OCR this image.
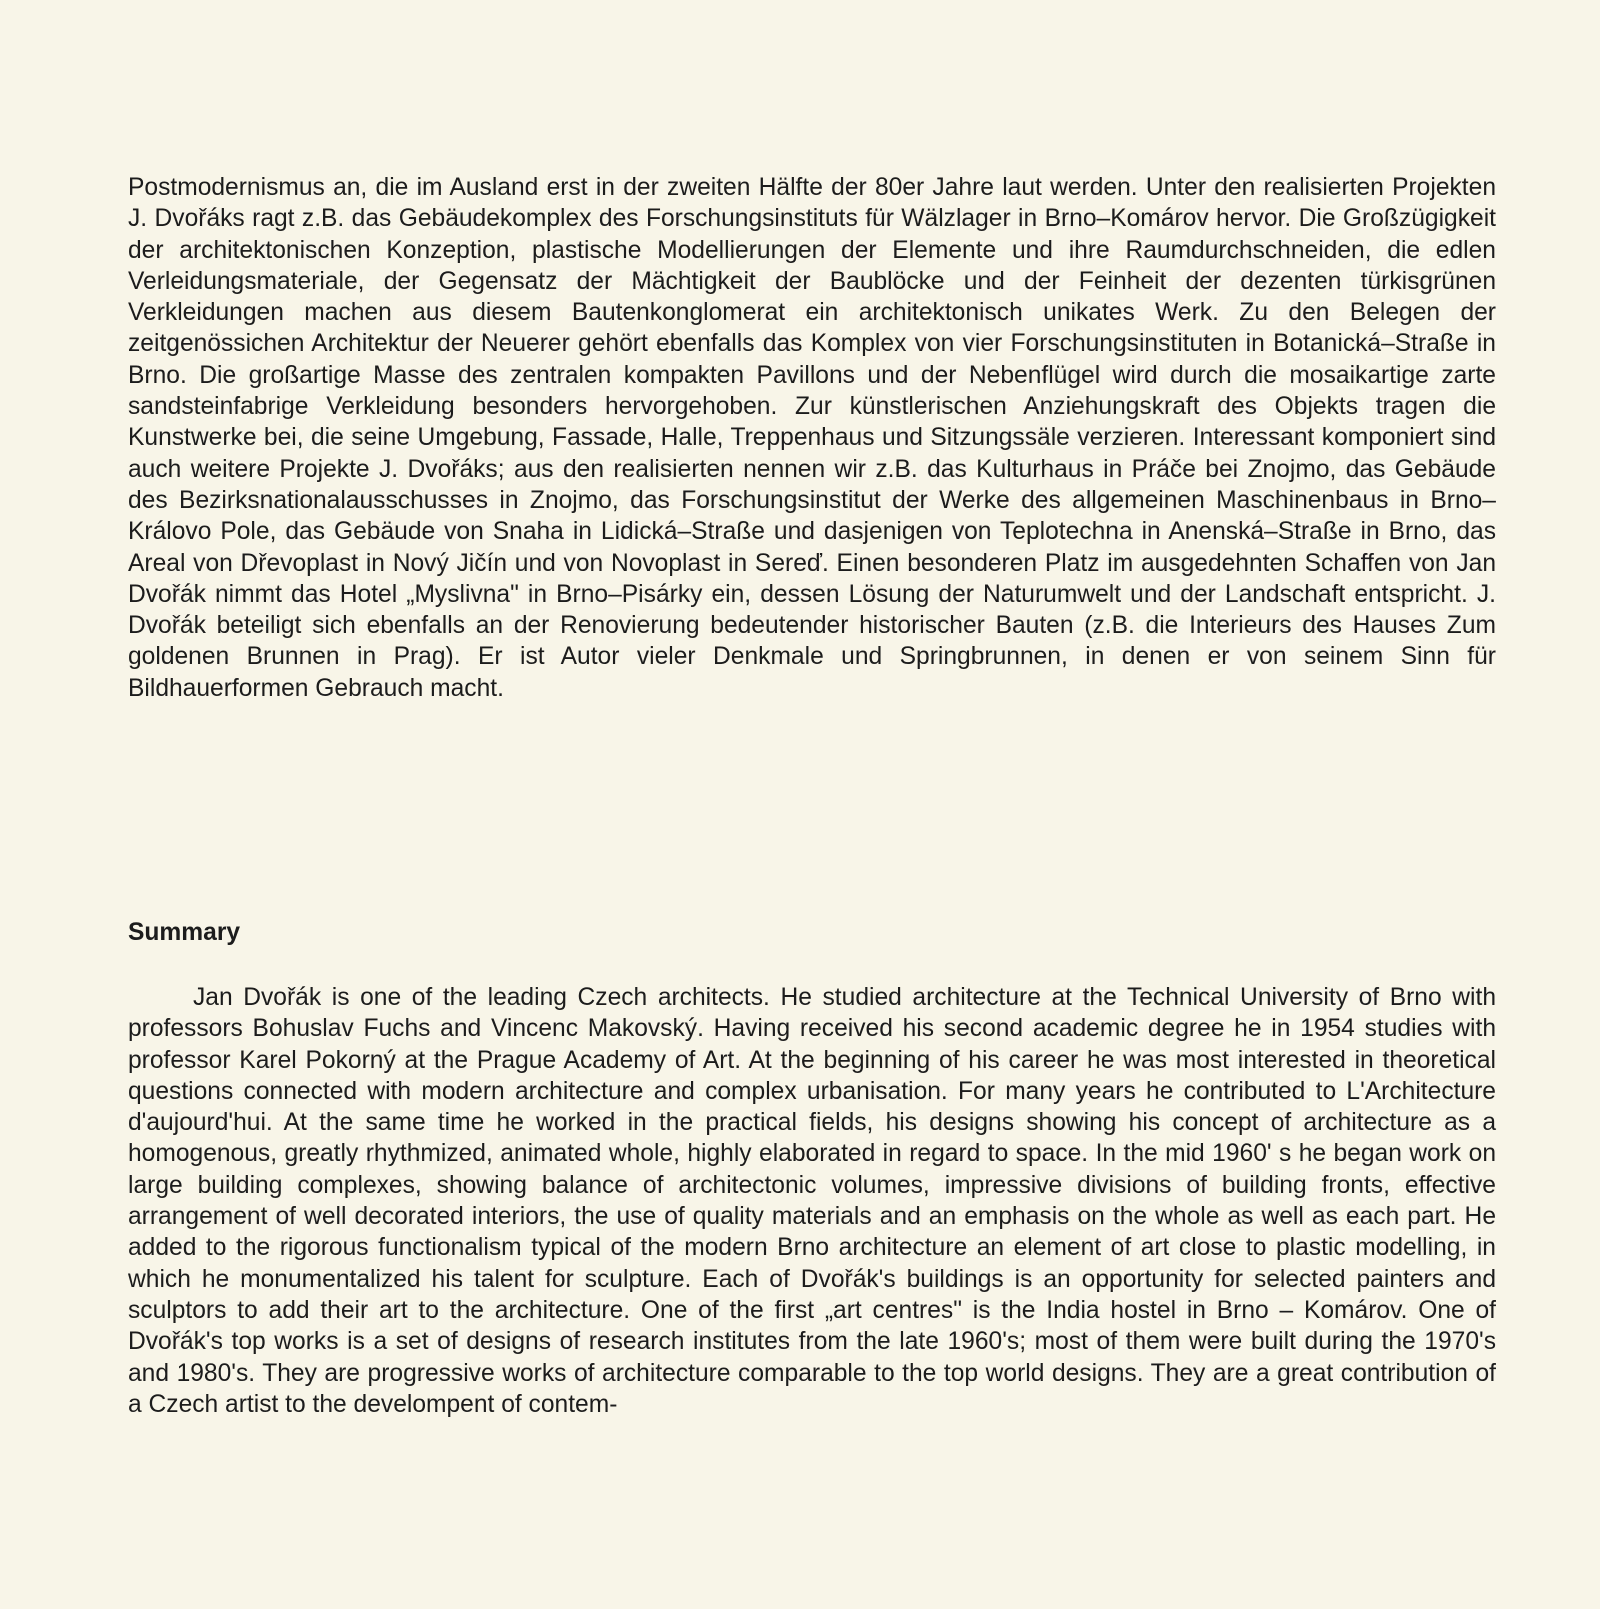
Postmodernismus an, die im Ausland erst in der zweiten Hälfte der 80er Jahre laut werden. Unter den realisierten Projekten J. Dvořáks ragt z.B. das Gebäudekomplex des Forschungsinstituts für Wälzlager in Brno–Komárov hervor. Die Großzügigkeit der architektonischen Konzeption, plastische Modellierungen der Elemente und ihre Raumdurchschneiden, die edlen Verleidungsmateriale, der Gegensatz der Mächtigkeit der Baublöcke und der Feinheit der dezenten türkisgrünen Verkleidungen machen aus diesem Bautenkonglomerat ein architektonisch unikates Werk. Zu den Belegen der zeitgenössichen Architektur der Neuerer gehört ebenfalls das Komplex von vier Forschungsinstituten in Botanická–Straße in Brno. Die großartige Masse des zentralen kompakten Pavillons und der Nebenflügel wird durch die mosaikartige zarte sandsteinfabrige Verkleidung besonders hervorgehoben. Zur künstlerischen Anziehungskraft des Objekts tragen die Kunstwerke bei, die seine Umgebung, Fassade, Halle, Treppenhaus und Sitzungssäle verzieren. Interessant komponiert sind auch weitere Projekte J. Dvořáks; aus den realisierten nennen wir z.B. das Kulturhaus in Práče bei Znojmo, das Gebäude des Bezirksnationalausschusses in Znojmo, das Forschungsinstitut der Werke des allgemeinen Maschinenbaus in Brno–Královo Pole, das Gebäude von Snaha in Lidická–Straße und dasjenigen von Teplotechna in Anenská–Straße in Brno, das Areal von Dřevoplast in Nový Jičín und von Novoplast in Sereď. Einen besonderen Platz im ausgedehnten Schaffen von Jan Dvořák nimmt das Hotel „Myslivna" in Brno–Pisárky ein, dessen Lösung der Naturumwelt und der Landschaft entspricht. J. Dvořák beteiligt sich ebenfalls an der Renovierung bedeutender historischer Bauten (z.B. die Interieurs des Hauses Zum goldenen Brunnen in Prag). Er ist Autor vieler Denkmale und Springbrunnen, in denen er von seinem Sinn für Bildhauerformen Gebrauch macht.

Summary

Jan Dvořák is one of the leading Czech architects. He studied architecture at the Technical University of Brno with professors Bohuslav Fuchs and Vincenc Makovský. Having received his second academic degree he in 1954 studies with professor Karel Pokorný at the Prague Academy of Art. At the beginning of his career he was most interested in theoretical questions connected with modern architecture and complex urbanisation. For many years he contributed to L'Architecture d'aujourd'hui. At the same time he worked in the practical fields, his designs showing his concept of architecture as a homogenous, greatly rhythmized, animated whole, highly elaborated in regard to space. In the mid 1960' s he began work on large building complexes, showing balance of architectonic volumes, impressive divisions of building fronts, effective arrangement of well decorated interiors, the use of quality materials and an emphasis on the whole as well as each part. He added to the rigorous functionalism typical of the modern Brno architecture an element of art close to plastic modelling, in which he monumentalized his talent for sculpture. Each of Dvořák's buildings is an opportunity for selected painters and sculptors to add their art to the architecture. One of the first „art centres" is the India hostel in Brno – Komárov. One of Dvořák's top works is a set of designs of research institutes from the late 1960's; most of them were built during the 1970's and 1980's. They are progressive works of architecture comparable to the top world designs. They are a great contribution of a Czech artist to the develompent of contem-
